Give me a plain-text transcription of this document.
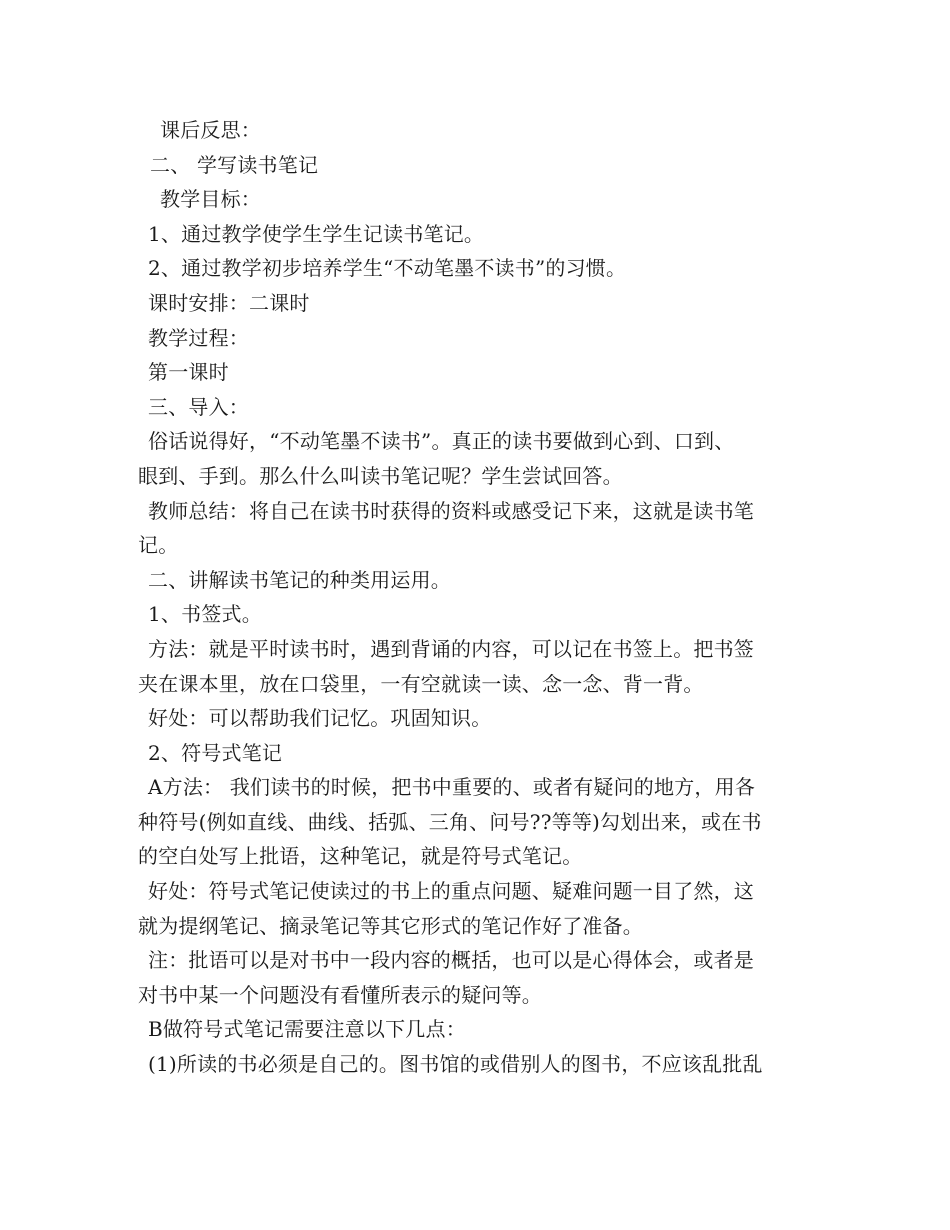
课后反思：
二、 学写读书笔记
教学目标：
1、通过教学使学生学生记读书笔记。
2、通过教学初步培养学生“不动笔墨不读书”的习惯。
课时安排：二课时
教学过程：
第一课时
三、导入：
俗话说得好，“不动笔墨不读书”。真正的读书要做到心到、口到、
眼到、手到。那么什么叫读书笔记呢？学生尝试回答。
教师总结：将自己在读书时获得的资料或感受记下来，这就是读书笔
记。
二、讲解读书笔记的种类用运用。
1、书签式。
方法：就是平时读书时，遇到背诵的内容，可以记在书签上。把书签
夹在课本里，放在口袋里，一有空就读一读、念一念、背一背。
好处：可以帮助我们记忆。巩固知识。
2、符号式笔记
A方法： 我们读书的时候，把书中重要的、或者有疑问的地方，用各
种符号(例如直线、曲线、括弧、三角、问号??等等)勾划出来，或在书
的空白处写上批语，这种笔记，就是符号式笔记。
好处：符号式笔记使读过的书上的重点问题、疑难问题一目了然，这
就为提纲笔记、摘录笔记等其它形式的笔记作好了准备。
注：批语可以是对书中一段内容的概括，也可以是心得体会，或者是
对书中某一个问题没有看懂所表示的疑问等。
B做符号式笔记需要注意以下几点：
(1)所读的书必须是自己的。图书馆的或借别人的图书，不应该乱批乱
